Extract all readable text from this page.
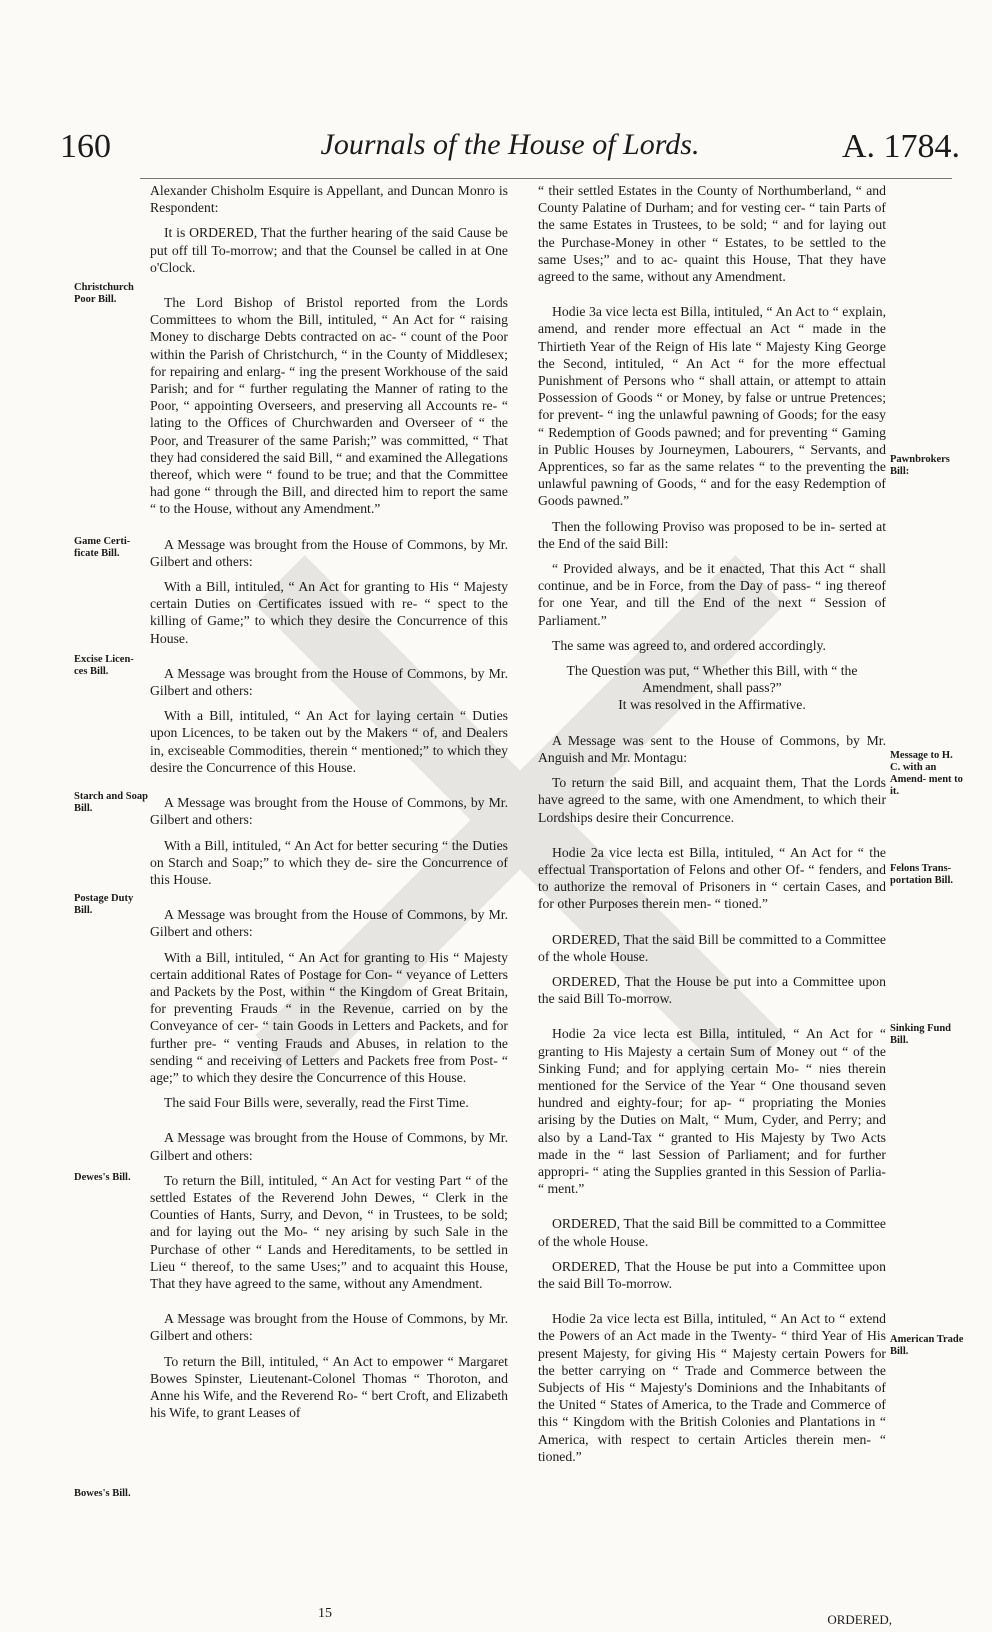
160	Journals of the House of Lords.	A. 1784.
Christchurch Poor Bill.
Game Certi- ficate Bill.
Excise Licen- ces Bill.
Starch and Soap Bill.
Postage Duty Bill.
Dewes's Bill.
Bowes's Bill.
Pawnbrokers Bill:
Message to H. C. with an Amend- ment to it.
Felons Trans- portation Bill.
Sinking Fund Bill.
American Trade Bill.

Alexander Chisholm Esquire is Appellant, and Duncan Monro is Respondent:

It is ORDERED, That the further hearing of the said Cause be put off till To-morrow; and that the Counsel be called in at One o'Clock.

The Lord Bishop of Bristol reported from the Lords Committees to whom the Bill, intituled, “ An Act for “ raising Money to discharge Debts contracted on ac- “ count of the Poor within the Parish of Christchurch, “ in the County of Middlesex; for repairing and enlarg- “ ing the present Workhouse of the said Parish; and for “ further regulating the Manner of rating to the Poor, “ appointing Overseers, and preserving all Accounts re- “ lating to the Offices of Churchwarden and Overseer of “ the Poor, and Treasurer of the same Parish;” was committed, “ That they had considered the said Bill, “ and examined the Allegations thereof, which were “ found to be true; and that the Committee had gone “ through the Bill, and directed him to report the same “ to the House, without any Amendment.”

A Message was brought from the House of Commons, by Mr. Gilbert and others:

With a Bill, intituled, “ An Act for granting to His “ Majesty certain Duties on Certificates issued with re- “ spect to the killing of Game;” to which they desire the Concurrence of this House.

A Message was brought from the House of Commons, by Mr. Gilbert and others:

With a Bill, intituled, “ An Act for laying certain “ Duties upon Licences, to be taken out by the Makers “ of, and Dealers in, exciseable Commodities, therein “ mentioned;” to which they desire the Concurrence of this House.

A Message was brought from the House of Commons, by Mr. Gilbert and others:

With a Bill, intituled, “ An Act for better securing “ the Duties on Starch and Soap;” to which they de- sire the Concurrence of this House.

A Message was brought from the House of Commons, by Mr. Gilbert and others:

With a Bill, intituled, “ An Act for granting to His “ Majesty certain additional Rates of Postage for Con- “ veyance of Letters and Packets by the Post, within “ the Kingdom of Great Britain, for preventing Frauds “ in the Revenue, carried on by the Conveyance of cer- “ tain Goods in Letters and Packets, and for further pre- “ venting Frauds and Abuses, in relation to the sending “ and receiving of Letters and Packets free from Post- “ age;” to which they desire the Concurrence of this House.

The said Four Bills were, severally, read the First Time.

A Message was brought from the House of Commons, by Mr. Gilbert and others:

To return the Bill, intituled, “ An Act for vesting Part “ of the settled Estates of the Reverend John Dewes, “ Clerk in the Counties of Hants, Surry, and Devon, “ in Trustees, to be sold; and for laying out the Mo- “ ney arising by such Sale in the Purchase of other “ Lands and Hereditaments, to be settled in Lieu “ thereof, to the same Uses;” and to acquaint this House, That they have agreed to the same, without any Amendment.

A Message was brought from the House of Commons, by Mr. Gilbert and others:

To return the Bill, intituled, “ An Act to empower “ Margaret Bowes Spinster, Lieutenant-Colonel Thomas “ Thoroton, and Anne his Wife, and the Reverend Ro- “ bert Croft, and Elizabeth his Wife, to grant Leases of

“ their settled Estates in the County of Northumberland, “ and County Palatine of Durham; and for vesting cer- “ tain Parts of the same Estates in Trustees, to be sold; “ and for laying out the Purchase-Money in other “ Estates, to be settled to the same Uses;” and to ac- quaint this House, That they have agreed to the same, without any Amendment.

Hodie 3a vice lecta est Billa, intituled, “ An Act to “ explain, amend, and render more effectual an Act “ made in the Thirtieth Year of the Reign of His late “ Majesty King George the Second, intituled, “ An Act “ for the more effectual Punishment of Persons who “ shall attain, or attempt to attain Possession of Goods “ or Money, by false or untrue Pretences; for prevent- “ ing the unlawful pawning of Goods; for the easy “ Redemption of Goods pawned; and for preventing “ Gaming in Public Houses by Journeymen, Labourers, “ Servants, and Apprentices, so far as the same relates “ to the preventing the unlawful pawning of Goods, “ and for the easy Redemption of Goods pawned.”

Then the following Proviso was proposed to be in- serted at the End of the said Bill:

“ Provided always, and be it enacted, That this Act “ shall continue, and be in Force, from the Day of pass- “ ing thereof for one Year, and till the End of the next “ Session of Parliament.”

The same was agreed to, and ordered accordingly.

The Question was put, “ Whether this Bill, with “ the Amendment, shall pass?”

It was resolved in the Affirmative.

A Message was sent to the House of Commons, by Mr. Anguish and Mr. Montagu:

To return the said Bill, and acquaint them, That the Lords have agreed to the same, with one Amendment, to which their Lordships desire their Concurrence.

Hodie 2a vice lecta est Billa, intituled, “ An Act for “ the effectual Transportation of Felons and other Of- “ fenders, and to authorize the removal of Prisoners in “ certain Cases, and for other Purposes therein men- “ tioned.”

ORDERED, That the said Bill be committed to a Committee of the whole House.

ORDERED, That the House be put into a Committee upon the said Bill To-morrow.

Hodie 2a vice lecta est Billa, intituled, “ An Act for “ granting to His Majesty a certain Sum of Money out “ of the Sinking Fund; and for applying certain Mo- “ nies therein mentioned for the Service of the Year “ One thousand seven hundred and eighty-four; for ap- “ propriating the Monies arising by the Duties on Malt, “ Mum, Cyder, and Perry; and also by a Land-Tax “ granted to His Majesty by Two Acts made in the “ last Session of Parliament; and for further appropri- “ ating the Supplies granted in this Session of Parlia- “ ment.”

ORDERED, That the said Bill be committed to a Committee of the whole House.

ORDERED, That the House be put into a Committee upon the said Bill To-morrow.

Hodie 2a vice lecta est Billa, intituled, “ An Act to “ extend the Powers of an Act made in the Twenty- “ third Year of His present Majesty, for giving His “ Majesty certain Powers for the better carrying on “ Trade and Commerce between the Subjects of His “ Majesty's Dominions and the Inhabitants of the United “ States of America, to the Trade and Commerce of this “ Kingdom with the British Colonies and Plantations in “ America, with respect to certain Articles therein men- “ tioned.”

15	ORDERED,
